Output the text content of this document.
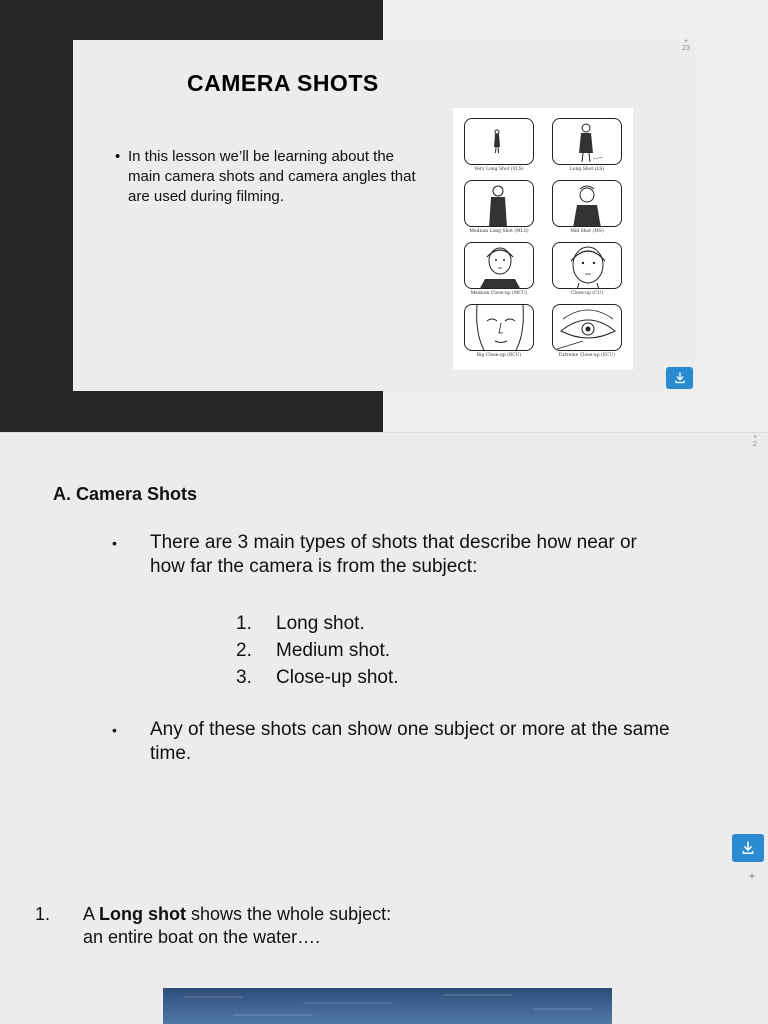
CAMERA SHOTS
• In this lesson we’ll be learning about the main camera shots and camera angles that are used during filming.
Very Long Shot (VLS)	Long Shot (LS)
Medium Long Shot (MLS)	Mid Shot (MS)
Medium Close-up (MCU)	Close-up (CU)
Big Close-up (BCU)	Extreme Close-up (ECU)
+
23
+
2
A. Camera Shots
• There are 3 main types of shots that describe how near or how far the camera is from the subject:
1.	Long shot.
2.	Medium shot.
3.	Close-up shot.
• Any of these shots can show one subject or more at the same time.
+
1. A Long shot shows the whole subject:
an entire boat on the water….
